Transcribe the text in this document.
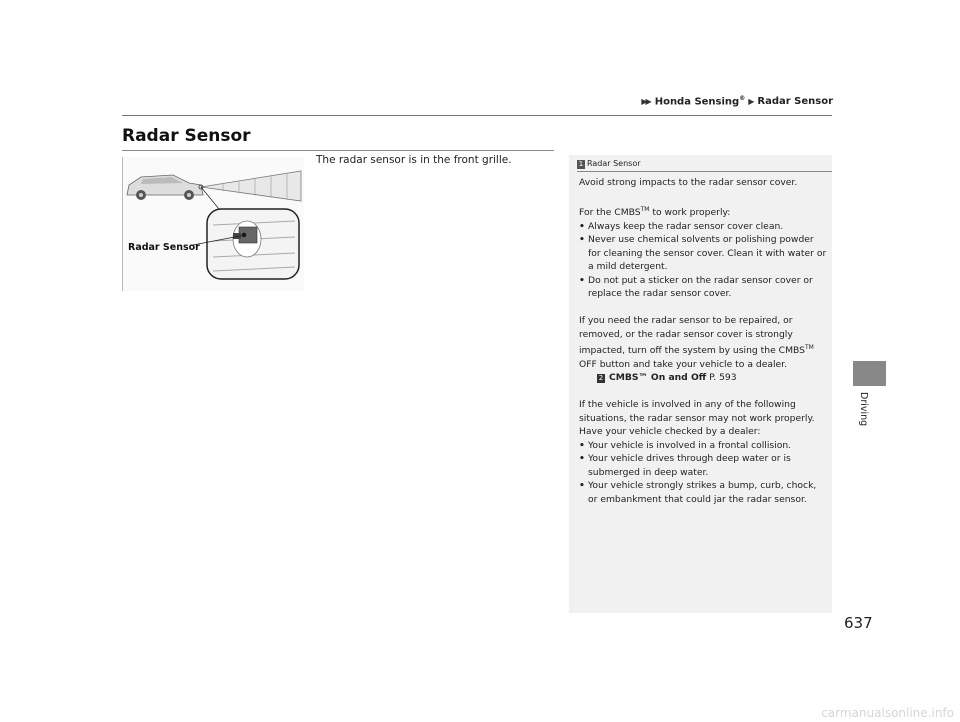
▶▶ Honda Sensing® ▶ Radar Sensor
Radar Sensor
Radar Sensor
The radar sensor is in the front grille.
Driving
1 Radar Sensor

Avoid strong impacts to the radar sensor cover.

For the CMBS™ to work properly:
• Always keep the radar sensor cover clean.
• Never use chemical solvents or polishing powder for cleaning the sensor cover. Clean it with water or a mild detergent.
• Do not put a sticker on the radar sensor cover or replace the radar sensor cover.
If you need the radar sensor to be repaired, or removed, or the radar sensor cover is strongly impacted, turn off the system by using the CMBS™ OFF button and take your vehicle to a dealer.
2 CMBS™ On and Off P. 593
If the vehicle is involved in any of the following situations, the radar sensor may not work properly. Have your vehicle checked by a dealer:
• Your vehicle is involved in a frontal collision.
• Your vehicle drives through deep water or is submerged in deep water.
• Your vehicle strongly strikes a bump, curb, chock, or embankment that could jar the radar sensor.
637
carmanualsonline.info
